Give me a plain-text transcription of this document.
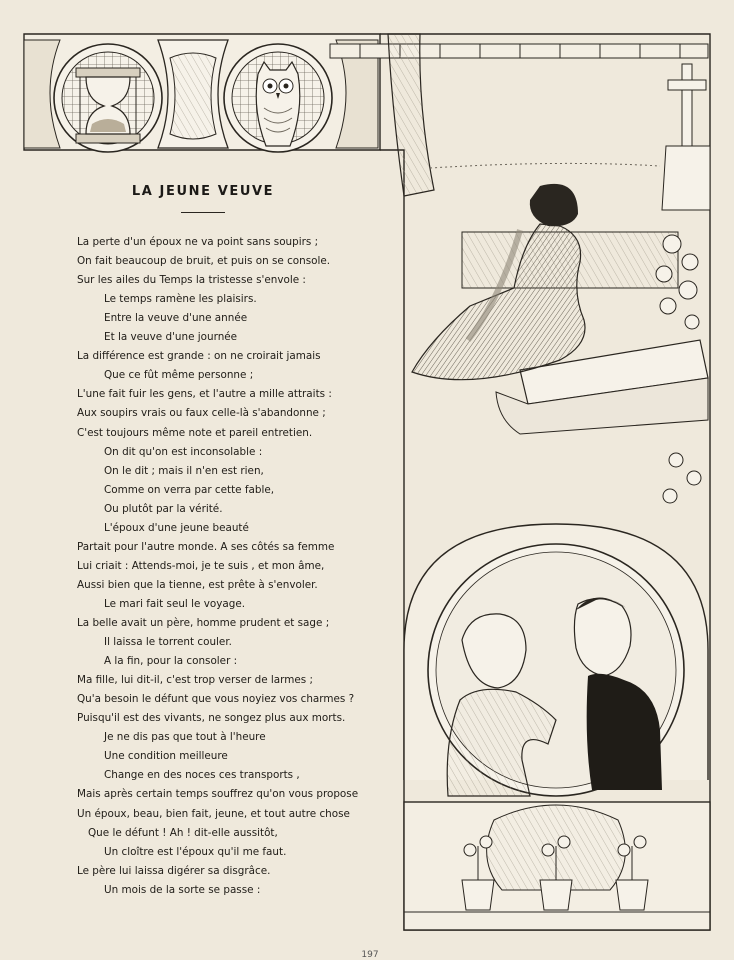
LA JEUNE VEUVE
La perte d'un époux ne va point sans soupirs ;
On fait beaucoup de bruit, et puis on se console.
Sur les ailes du Temps la tristesse s'envole :
Le temps ramène les plaisirs.
Entre la veuve d'une année
Et la veuve d'une journée
La différence est grande : on ne croirait jamais
Que ce fût même personne ;
L'une fait fuir les gens, et l'autre a mille attraits :
Aux soupirs vrais ou faux celle-là s'abandonne ;
C'est toujours même note et pareil entretien.
On dit qu'on est inconsolable :
On le dit ; mais il n'en est rien,
Comme on verra par cette fable,
Ou plutôt par la vérité.
L'époux d'une jeune beauté
Partait pour l'autre monde. A ses côtés sa femme
Lui criait : Attends-moi, je te suis , et mon âme,
Aussi bien que la tienne, est prête à s'envoler.
Le mari fait seul le voyage.
La belle avait un père, homme prudent et sage ;
Il laissa le torrent couler.
A la fin, pour la consoler :
Ma fille, lui dit-il, c'est trop verser de larmes ;
Qu'a besoin le défunt que vous noyiez vos charmes ?
Puisqu'il est des vivants, ne songez plus aux morts.
Je ne dis pas que tout à l'heure
Une condition meilleure
Change en des noces ces transports ,
Mais après certain temps souffrez qu'on vous propose
Un époux, beau, bien fait, jeune, et tout autre chose
Que le défunt ! Ah ! dit-elle aussitôt,
Un cloître est l'époux qu'il me faut.
Le père lui laissa digérer sa disgrâce.
Un mois de la sorte se passe :
197
